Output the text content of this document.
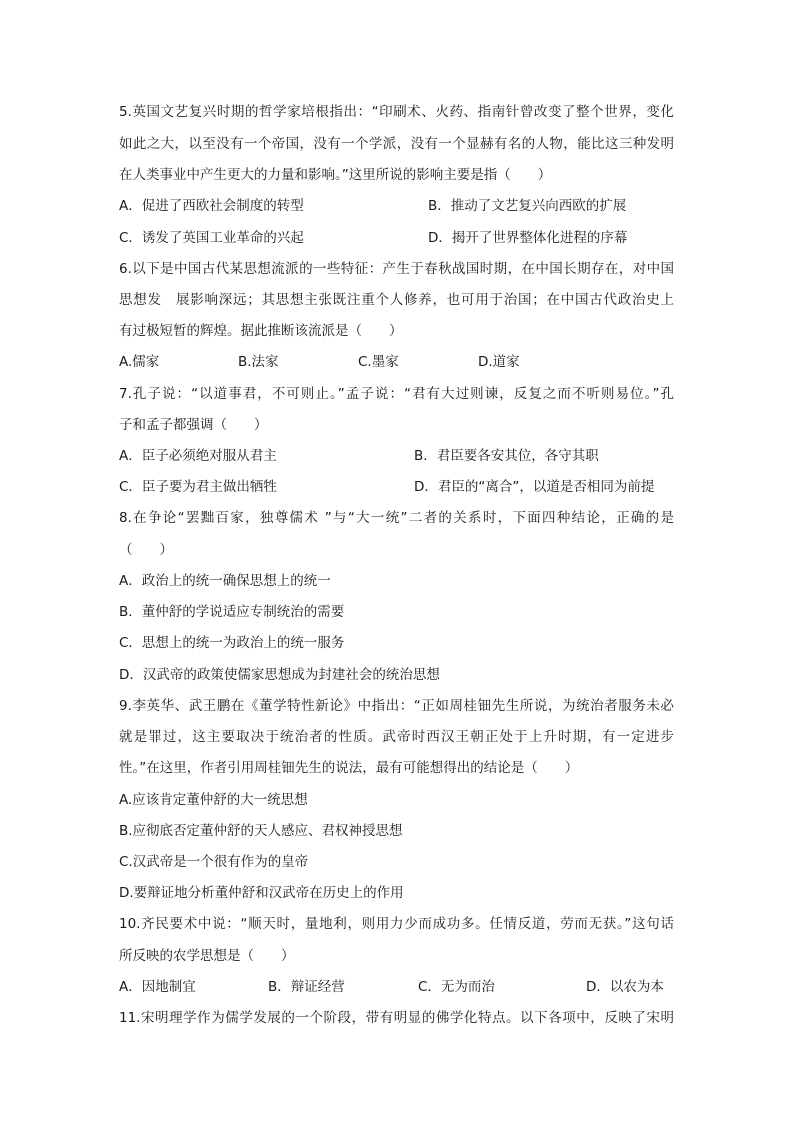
5.英国文艺复兴时期的哲学家培根指出：“印刷术、火药、指南针曾改变了整个世界，变化
如此之大，以至没有一个帝国，没有一个学派，没有一个显赫有名的人物，能比这三种发明
在人类事业中产生更大的力量和影响。”这里所说的影响主要是指（　　）
A．促进了西欧社会制度的转型	B．推动了文艺复兴向西欧的扩展
C．诱发了英国工业革命的兴起	D．揭开了世界整体化进程的序幕
6.以下是中国古代某思想流派的一些特征：产生于春秋战国时期，在中国长期存在，对中国
思想发　展影响深远；其思想主张既注重个人修养，也可用于治国；在中国古代政治史上
有过极短暂的辉煌。据此推断该流派是（　　）
A.儒家	B.法家	C.墨家	D.道家
7.孔子说：“以道事君，不可则止。”孟子说：“君有大过则谏，反复之而不听则易位。”孔
子和孟子都强调（　　）
A．臣子必须绝对服从君主	B．君臣要各安其位，各守其职
C．臣子要为君主做出牺牲	D．君臣的“离合”，以道是否相同为前提
8.在争论“罢黜百家，独尊儒术 ”与“大一统”二者的关系时，下面四种结论，正确的是
（　　）
A．政治上的统一确保思想上的统一
B．董仲舒的学说适应专制统治的需要
C．思想上的统一为政治上的统一服务
D．汉武帝的政策使儒家思想成为封建社会的统治思想
9.李英华、武王鹏在《董学特性新论》中指出：“正如周桂钿先生所说，为统治者服务未必
就是罪过，这主要取决于统治者的性质。武帝时西汉王朝正处于上升时期，有一定进步
性。”在这里，作者引用周桂钿先生的说法，最有可能想得出的结论是（　　）
A.应该肯定董仲舒的大一统思想
B.应彻底否定董仲舒的天人感应、君权神授思想
C.汉武帝是一个很有作为的皇帝
D.要辩证地分析董仲舒和汉武帝在历史上的作用
10.齐民要术中说：“顺天时，量地利，则用力少而成功多。任情反道，劳而无获。”这句话
所反映的农学思想是（　　）
A．因地制宜	B．辩证经营	C．无为而治	D．以农为本
11.宋明理学作为儒学发展的一个阶段，带有明显的佛学化特点。以下各项中，反映了宋明
